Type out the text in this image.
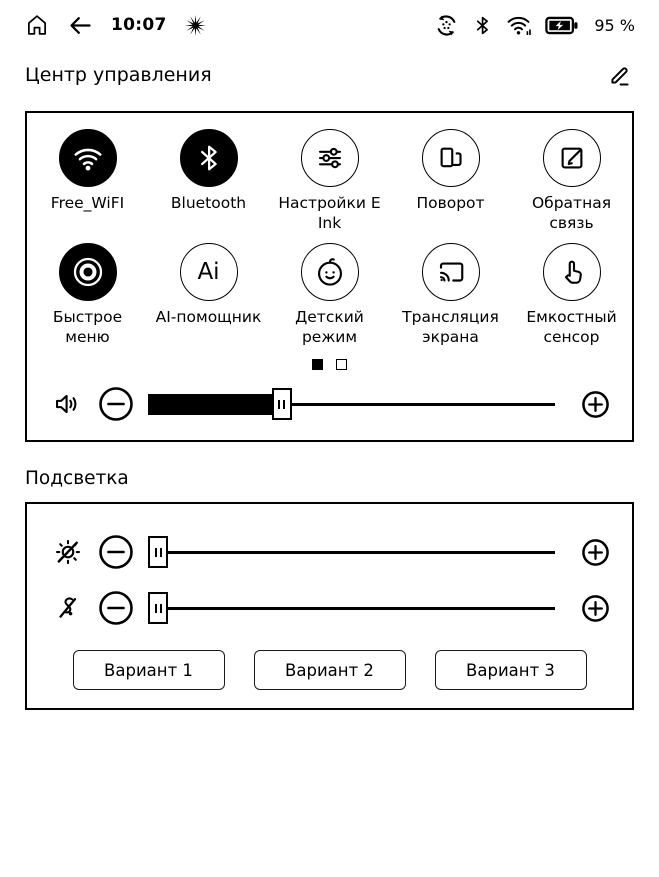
10:07	95 %
Центр управления
Free_WiFI	Bluetooth	Настройки E Ink
Поворот	Обратная связь
Быстрое меню
Ai
AI-помощник	Детский режим
Трансляция экрана
Емкостный сенсор
Подсветка
Вариант 1	Вариант 2	Вариант 3
